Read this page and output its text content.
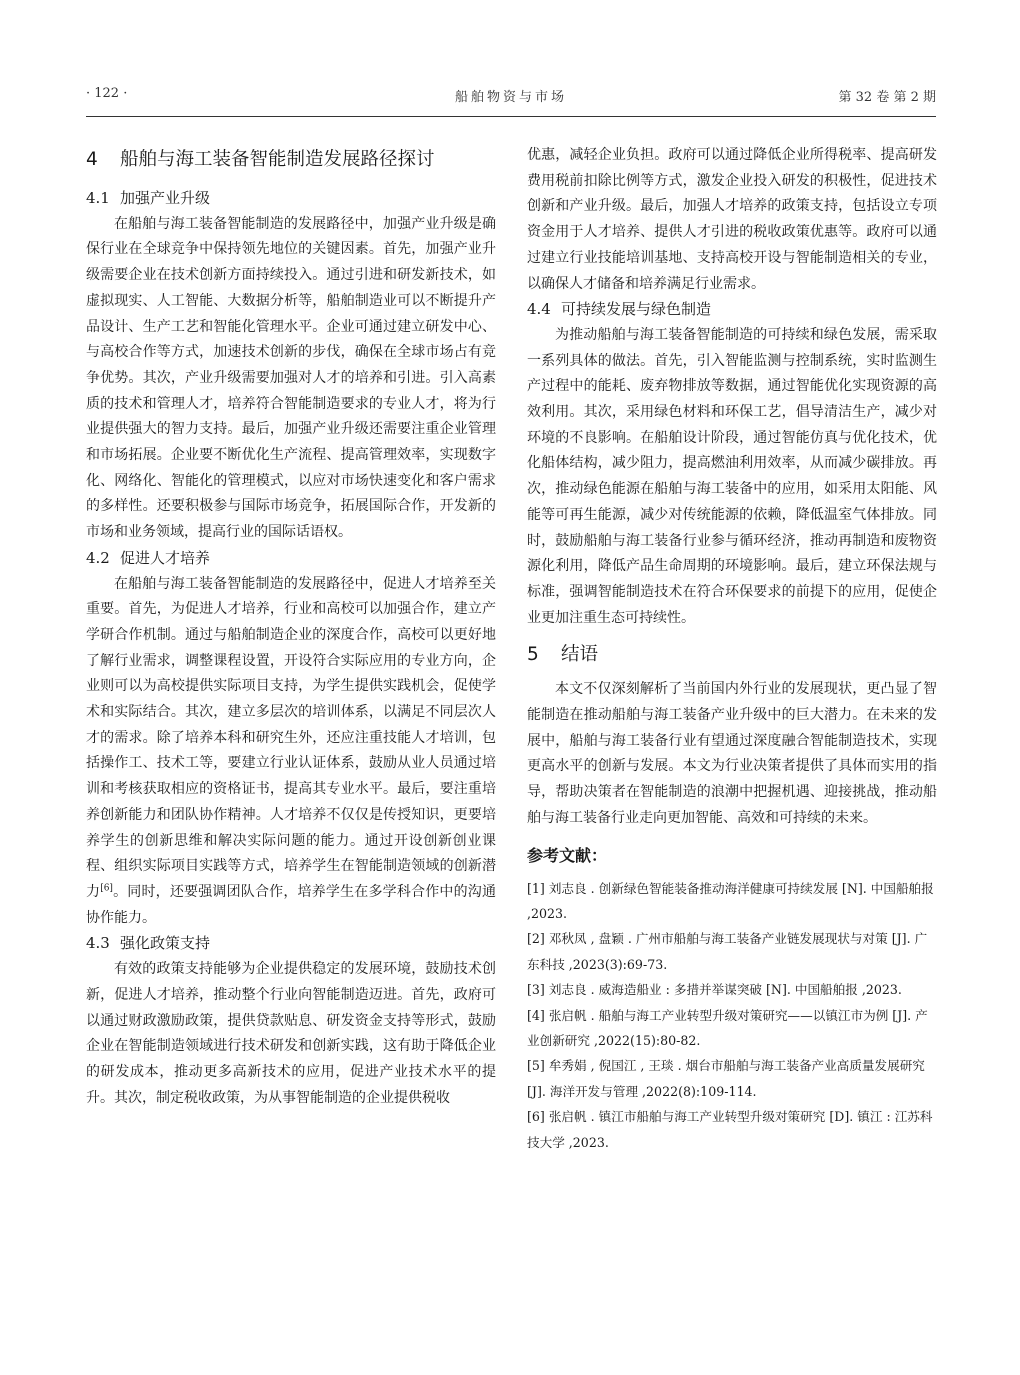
· 122 ·	船舶物资与市场	第 32 卷 第 2 期
4 船舶与海工装备智能制造发展路径探讨
4.1 加强产业升级

在船舶与海工装备智能制造的发展路径中，加强产业升级是确保行业在全球竞争中保持领先地位的关键因素。首先，加强产业升级需要企业在技术创新方面持续投入。通过引进和研发新技术，如虚拟现实、人工智能、大数据分析等，船舶制造业可以不断提升产品设计、生产工艺和智能化管理水平。企业可通过建立研发中心、与高校合作等方式，加速技术创新的步伐，确保在全球市场占有竞争优势。其次，产业升级需要加强对人才的培养和引进。引入高素质的技术和管理人才，培养符合智能制造要求的专业人才，将为行业提供强大的智力支持。最后，加强产业升级还需要注重企业管理和市场拓展。企业要不断优化生产流程、提高管理效率，实现数字化、网络化、智能化的管理模式，以应对市场快速变化和客户需求的多样性。还要积极参与国际市场竞争，拓展国际合作，开发新的市场和业务领域，提高行业的国际话语权。

4.2 促进人才培养

在船舶与海工装备智能制造的发展路径中，促进人才培养至关重要。首先，为促进人才培养，行业和高校可以加强合作，建立产学研合作机制。通过与船舶制造企业的深度合作，高校可以更好地了解行业需求，调整课程设置，开设符合实际应用的专业方向，企业则可以为高校提供实际项目支持，为学生提供实践机会，促使学术和实际结合。其次，建立多层次的培训体系，以满足不同层次人才的需求。除了培养本科和研究生外，还应注重技能人才培训，包括操作工、技术工等，要建立行业认证体系，鼓励从业人员通过培训和考核获取相应的资格证书，提高其专业水平。最后，要注重培养创新能力和团队协作精神。人才培养不仅仅是传授知识，更要培养学生的创新思维和解决实际问题的能力。通过开设创新创业课程、组织实际项目实践等方式，培养学生在智能制造领域的创新潜力[6]。同时，还要强调团队合作，培养学生在多学科合作中的沟通协作能力。

4.3 强化政策支持

有效的政策支持能够为企业提供稳定的发展环境，鼓励技术创新，促进人才培养，推动整个行业向智能制造迈进。首先，政府可以通过财政激励政策，提供贷款贴息、研发资金支持等形式，鼓励企业在智能制造领域进行技术研发和创新实践，这有助于降低企业的研发成本，推动更多高新技术的应用，促进产业技术水平的提升。其次，制定税收政策，为从事智能制造的企业提供税收

优惠，减轻企业负担。政府可以通过降低企业所得税率、提高研发费用税前扣除比例等方式，激发企业投入研发的积极性，促进技术创新和产业升级。最后，加强人才培养的政策支持，包括设立专项资金用于人才培养、提供人才引进的税收政策优惠等。政府可以通过建立行业技能培训基地、支持高校开设与智能制造相关的专业，以确保人才储备和培养满足行业需求。

4.4 可持续发展与绿色制造

为推动船舶与海工装备智能制造的可持续和绿色发展，需采取一系列具体的做法。首先，引入智能监测与控制系统，实时监测生产过程中的能耗、废弃物排放等数据，通过智能优化实现资源的高效利用。其次，采用绿色材料和环保工艺，倡导清洁生产，减少对环境的不良影响。在船舶设计阶段，通过智能仿真与优化技术，优化船体结构，减少阻力，提高燃油利用效率，从而减少碳排放。再次，推动绿色能源在船舶与海工装备中的应用，如采用太阳能、风能等可再生能源，减少对传统能源的依赖，降低温室气体排放。同时，鼓励船舶与海工装备行业参与循环经济，推动再制造和废物资源化利用，降低产品生命周期的环境影响。最后，建立环保法规与标准，强调智能制造技术在符合环保要求的前提下的应用，促使企业更加注重生态可持续性。

5 结语

本文不仅深刻解析了当前国内外行业的发展现状，更凸显了智能制造在推动船舶与海工装备产业升级中的巨大潜力。在未来的发展中，船舶与海工装备行业有望通过深度融合智能制造技术，实现更高水平的创新与发展。本文为行业决策者提供了具体而实用的指导，帮助决策者在智能制造的浪潮中把握机遇、迎接挑战，推动船舶与海工装备行业走向更加智能、高效和可持续的未来。

参考文献：

[1] 刘志良 . 创新绿色智能装备推动海洋健康可持续发展 [N]. 中国船舶报 ,2023.

[2] 邓秋凤 , 盘颖 . 广州市船舶与海工装备产业链发展现状与对策 [J]. 广东科技 ,2023(3):69-73.

[3] 刘志良 . 威海造船业 : 多措并举谋突破 [N]. 中国船舶报 ,2023.

[4] 张启帆 . 船舶与海工产业转型升级对策研究——以镇江市为例 [J]. 产业创新研究 ,2022(15):80-82.

[5] 牟秀娟 , 倪国江 , 王琰 . 烟台市船舶与海工装备产业高质量发展研究 [J]. 海洋开发与管理 ,2022(8):109-114.

[6] 张启帆 . 镇江市船舶与海工产业转型升级对策研究 [D]. 镇江 : 江苏科技大学 ,2023.
